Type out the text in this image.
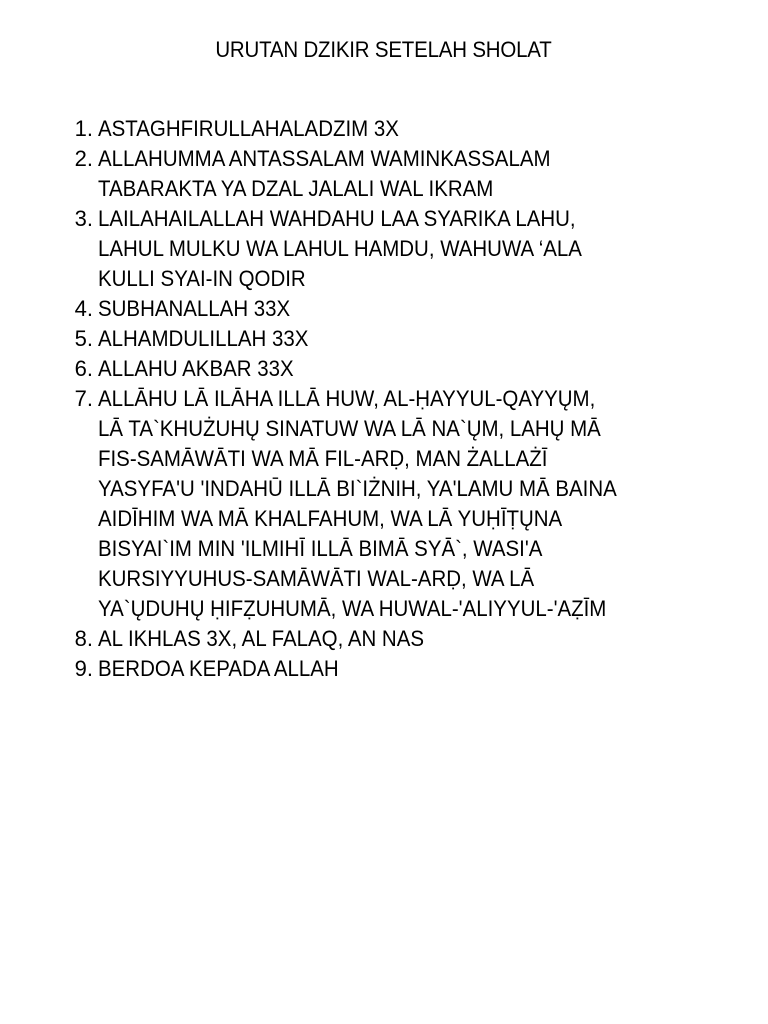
URUTAN DZIKIR SETELAH SHOLAT
1. ASTAGHFIRULLAHALADZIM 3X
2. ALLAHUMMA ANTASSALAM WAMINKASSALAM
TABARAKTA YA DZAL JALALI WAL IKRAM
3. LAILAHAILALLAH WAHDAHU LAA SYARIKA LAHU,
LAHUL MULKU WA LAHUL HAMDU, WAHUWA ‘ALA
KULLI SYAI-IN QODIR
4. SUBHANALLAH 33X
5. ALHAMDULILLAH 33X
6. ALLAHU AKBAR 33X
7. ALLĀHU LĀ ILĀHA ILLĀ HUW, AL-ḤAYYUL-QAYYŲM,
LĀ TA`KHUŻUHŲ SINATUW WA LĀ NA`ŲM, LAHŲ MĀ
FIS-SAMĀWĀTI WA MĀ FIL-ARḌ, MAN ŻALLAŻĪ
YASYFA'U 'INDAHŪ ILLĀ BI`IŻNIH, YA'LAMU MĀ BAINA
AIDĪHIM WA MĀ KHALFAHUM, WA LĀ YUḤĪṬŲNA
BISYAI`IM MIN 'ILMIHĪ ILLĀ BIMĀ SYĀ`, WASI'A
KURSIYYUHUS-SAMĀWĀTI WAL-ARḌ, WA LĀ
YA`ŲDUHŲ ḤIFẒUHUMĀ, WA HUWAL-'ALIYYUL-'AẒĪM
8. AL IKHLAS 3X, AL FALAQ, AN NAS
9. BERDOA KEPADA ALLAH
